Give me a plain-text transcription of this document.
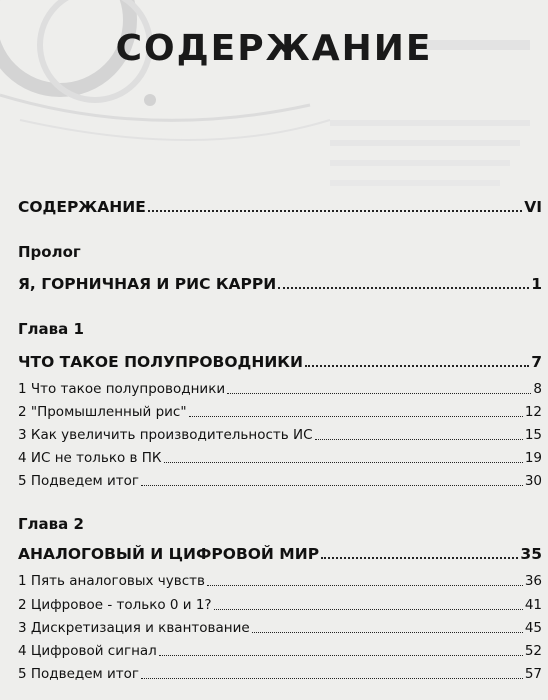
СОДЕРЖАНИЕ
СОДЕРЖАНИЕ	VI
Пролог
Я, ГОРНИЧНАЯ И РИС КАРРИ	1
Глава 1
ЧТО ТАКОЕ ПОЛУПРОВОДНИКИ	7
1 Что такое полупроводники	8
2 "Промышленный рис"	12
3 Как увеличить производительность ИС	15
4 ИС не только в ПК	19
5 Подведем итог	30
Глава 2
АНАЛОГОВЫЙ И ЦИФРОВОЙ МИР	35
1 Пять аналоговых чувств	36
2 Цифровое - только 0 и 1?	41
3 Дискретизация и квантование	45
4 Цифровой сигнал	52
5 Подведем итог	57
